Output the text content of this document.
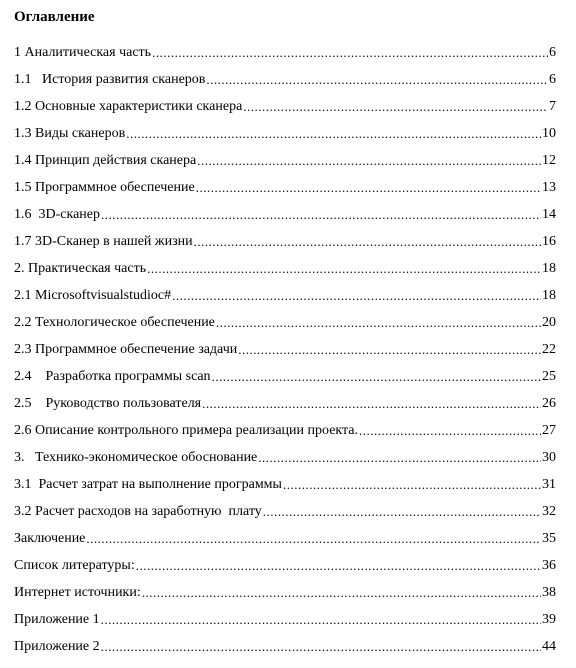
Оглавление
1 Аналитическая часть .....	6
1.1   История развития сканеров .....	6
1.2 Основные характеристики сканера .....	7
1.3 Виды сканеров .....	10
1.4 Принцип действия сканера .....	12
1.5 Программное обеспечение .....	13
1.6  3D-сканер .....	14
1.7 3D-Сканер в нашей жизни .....	16
2. Практическая часть .....	18
2.1 Microsoftvisualstudioc# .....	18
2.2 Технологическое обеспечение .....	20
2.3 Программное обеспечение задачи .....	22
2.4    Разработка программы scan .....	25
2.5    Руководство пользователя .....	26
2.6 Описание контрольного примера реализации проекта. .....	27
3.   Технико-экономическое обоснование .....	30
3.1  Расчет затрат на выполнение программы .....	31
3.2 Расчет расходов на заработную  плату .....	32
Заключение .....	35
Список литературы: .....	36
Интернет источники: .....	38
Приложение 1 .....	39
Приложение 2 .....	44
